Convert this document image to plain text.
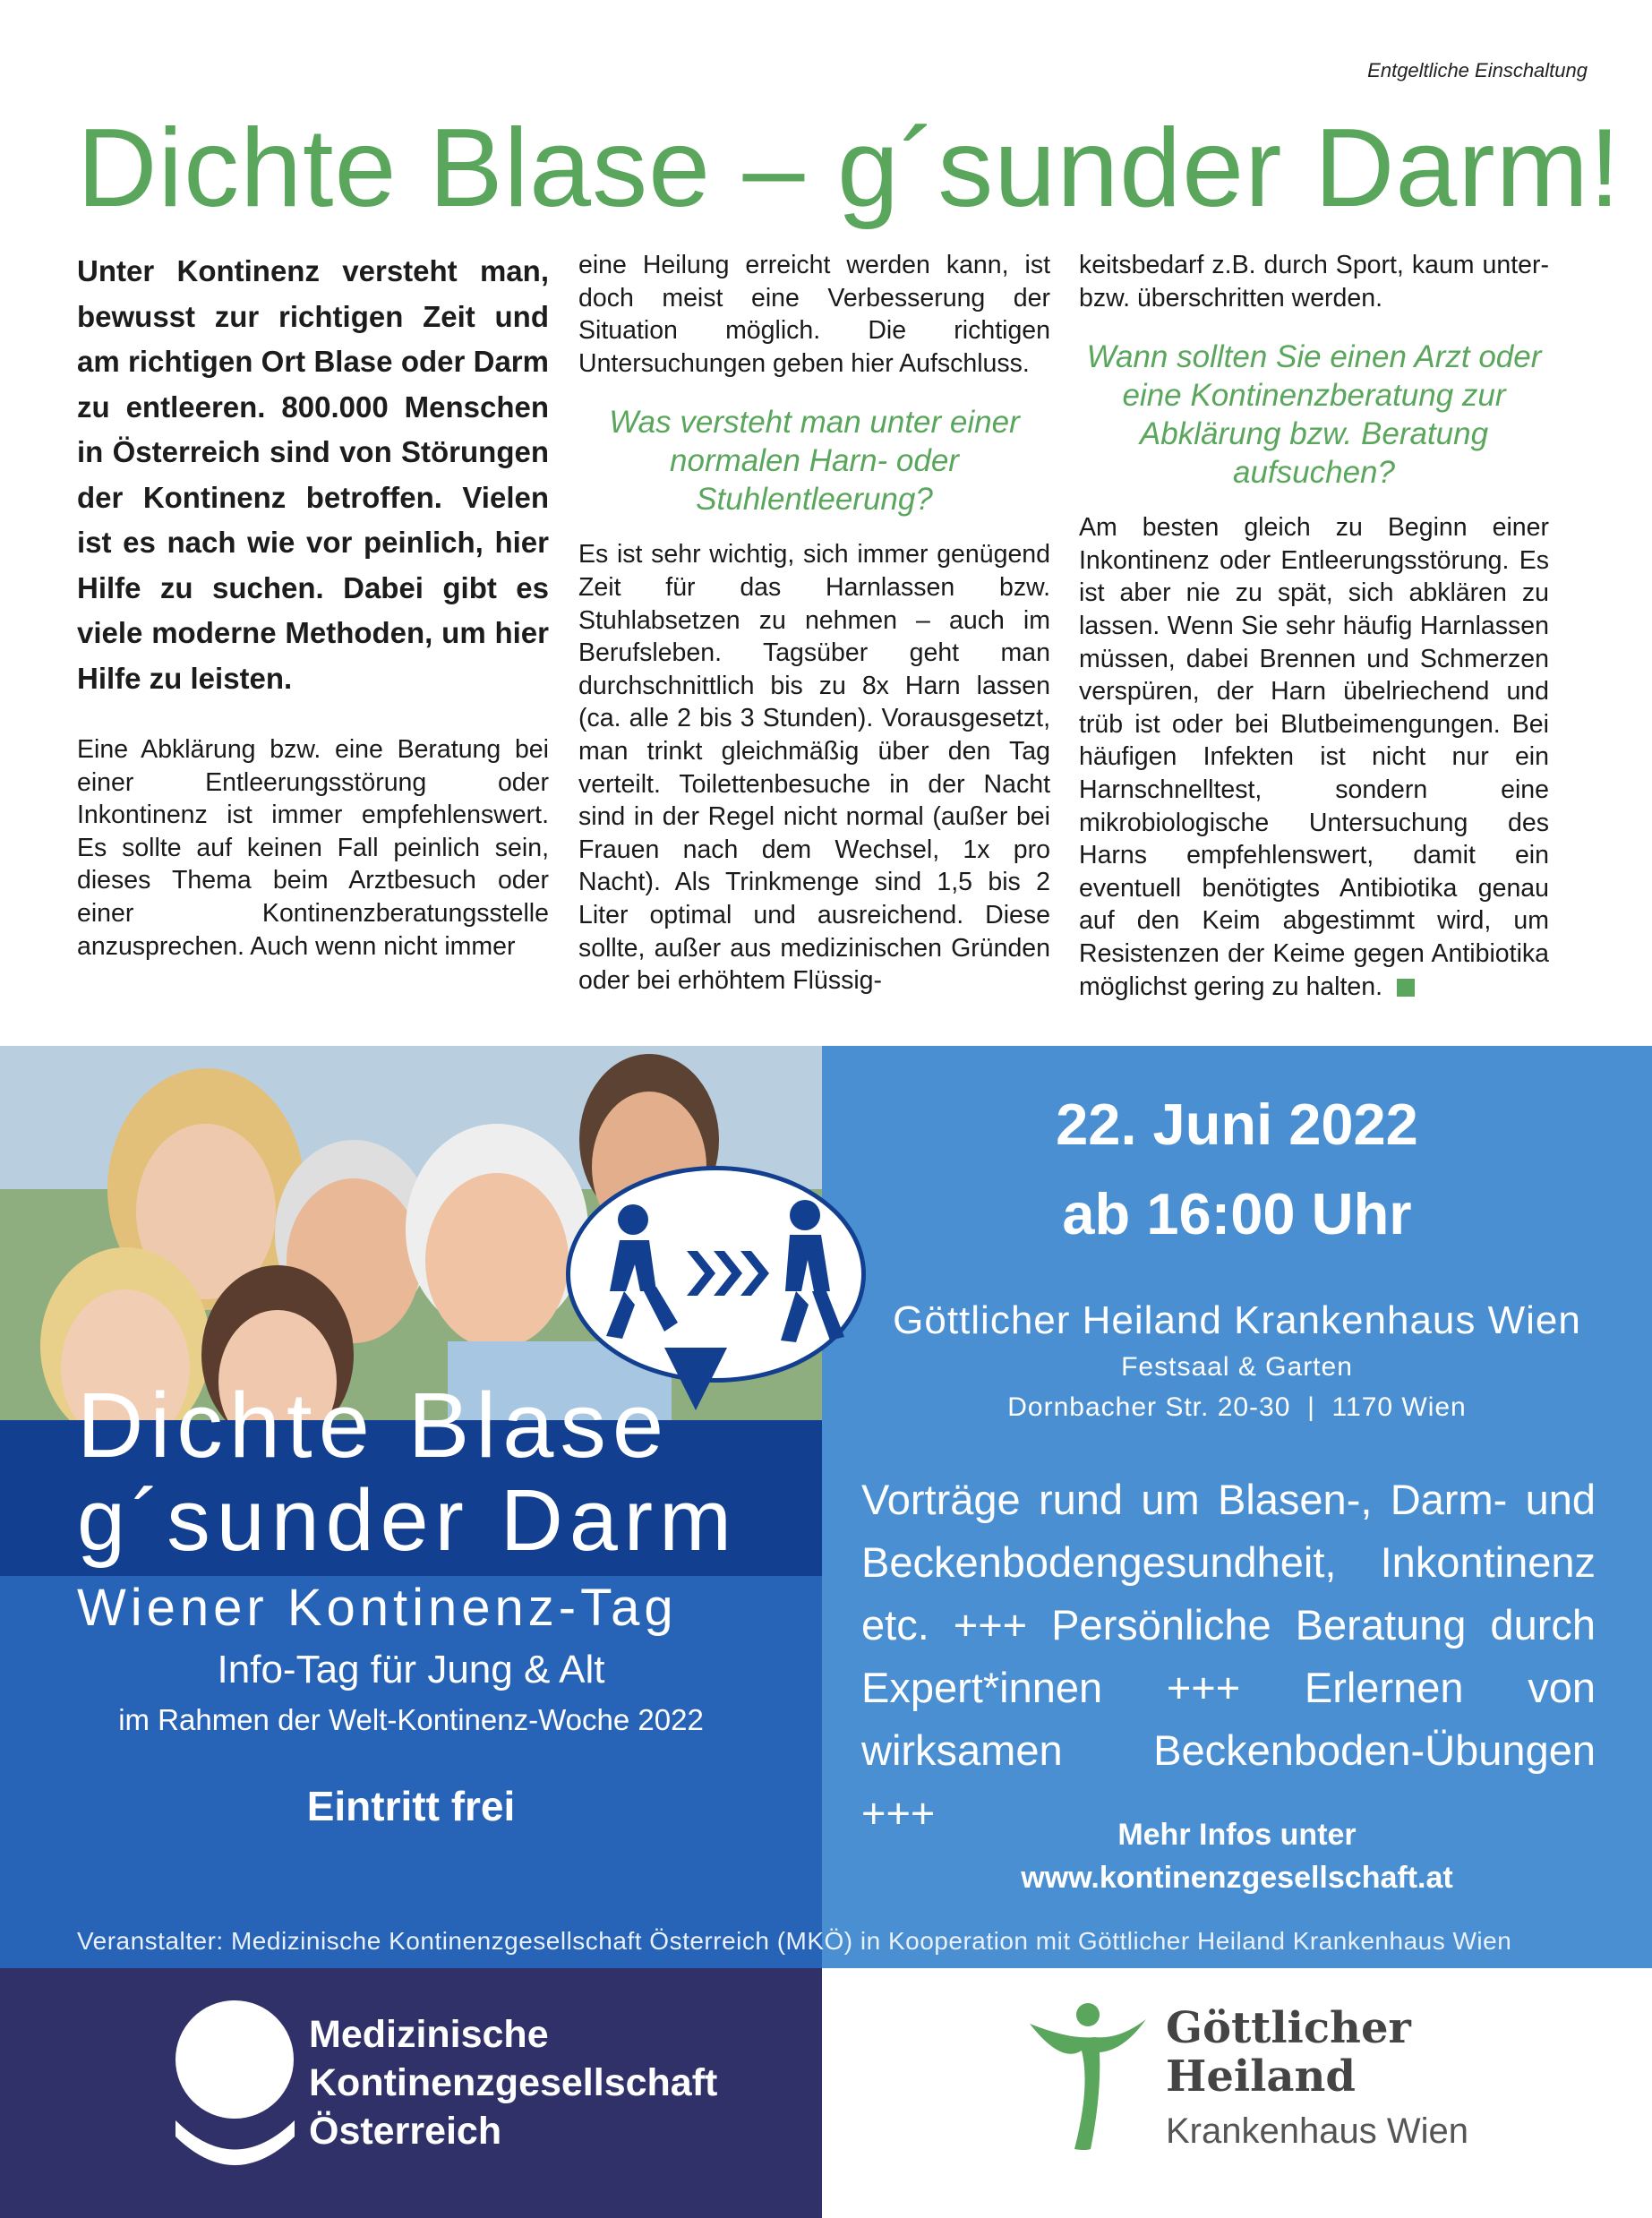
Entgeltliche Einschaltung
Dichte Blase – g´sunder Darm!

Unter Kontinenz versteht man, bewusst zur richtigen Zeit und am richtigen Ort Blase oder Darm zu entleeren. 800.000 Menschen in Österreich sind von Störungen der Kontinenz betroffen. Vielen ist es nach wie vor peinlich, hier Hilfe zu suchen. Dabei gibt es viele moderne Methoden, um hier Hilfe zu leisten.

Eine Abklärung bzw. eine Beratung bei einer Entleerungsstörung oder Inkontinenz ist immer empfehlenswert. Es sollte auf keinen Fall peinlich sein, dieses Thema beim Arztbesuch oder einer Kontinenzberatungsstelle anzusprechen. Auch wenn nicht immer

eine Heilung erreicht werden kann, ist doch meist eine Verbesserung der Situation möglich. Die richtigen Untersuchungen geben hier Aufschluss.

Was versteht man unter einer normalen Harn- oder Stuhlentleerung?

Es ist sehr wichtig, sich immer genügend Zeit für das Harnlassen bzw. Stuhlabsetzen zu nehmen – auch im Berufsleben. Tagsüber geht man durchschnittlich bis zu 8x Harn lassen (ca. alle 2 bis 3 Stunden). Vorausgesetzt, man trinkt gleichmäßig über den Tag verteilt. Toilettenbesuche in der Nacht sind in der Regel nicht normal (außer bei Frauen nach dem Wechsel, 1x pro Nacht). Als Trinkmenge sind 1,5 bis 2 Liter optimal und ausreichend. Diese sollte, außer aus medizinischen Gründen oder bei erhöhtem Flüssig-

keitsbedarf z.B. durch Sport, kaum unter- bzw. überschritten werden.

Wann sollten Sie einen Arzt oder eine Kontinenzberatung zur Abklärung bzw. Beratung aufsuchen?

Am besten gleich zu Beginn einer Inkontinenz oder Entleerungsstörung. Es ist aber nie zu spät, sich abklären zu lassen. Wenn Sie sehr häufig Harnlassen müssen, dabei Brennen und Schmerzen verspüren, der Harn übelriechend und trüb ist oder bei Blutbeimengungen. Bei häufigen Infekten ist nicht nur ein Harnschnelltest, sondern eine mikrobiologische Untersuchung des Harns empfehlenswert, damit ein eventuell benötigtes Antibiotika genau auf den Keim abgestimmt wird, um Resistenzen der Keime gegen Antibiotika möglichst gering zu halten.

Dichte Blase
g´sunder Darm
Wiener Kontinenz-Tag
Info-Tag für Jung & Alt
im Rahmen der Welt-Kontinenz-Woche 2022
Eintritt frei
22. Juni 2022
ab 16:00 Uhr
Göttlicher Heiland Krankenhaus Wien
Festsaal & Garten
Dornbacher Str. 20-30  |  1170 Wien
Vorträge rund um Blasen-, Darm- und Beckenbodengesundheit, Inkontinenz etc. +++ Persönliche Beratung durch Expert*innen +++ Erlernen von wirksamen Beckenboden-Übungen +++	Mehr Infos unter
www.kontinenzgesellschaft.at
Veranstalter: Medizinische Kontinenzgesellschaft Österreich (MKÖ) in Kooperation mit Göttlicher Heiland Krankenhaus Wien
Medizinische
Kontinenzgesellschaft
Österreich
Göttlicher
Heiland
Krankenhaus Wien
